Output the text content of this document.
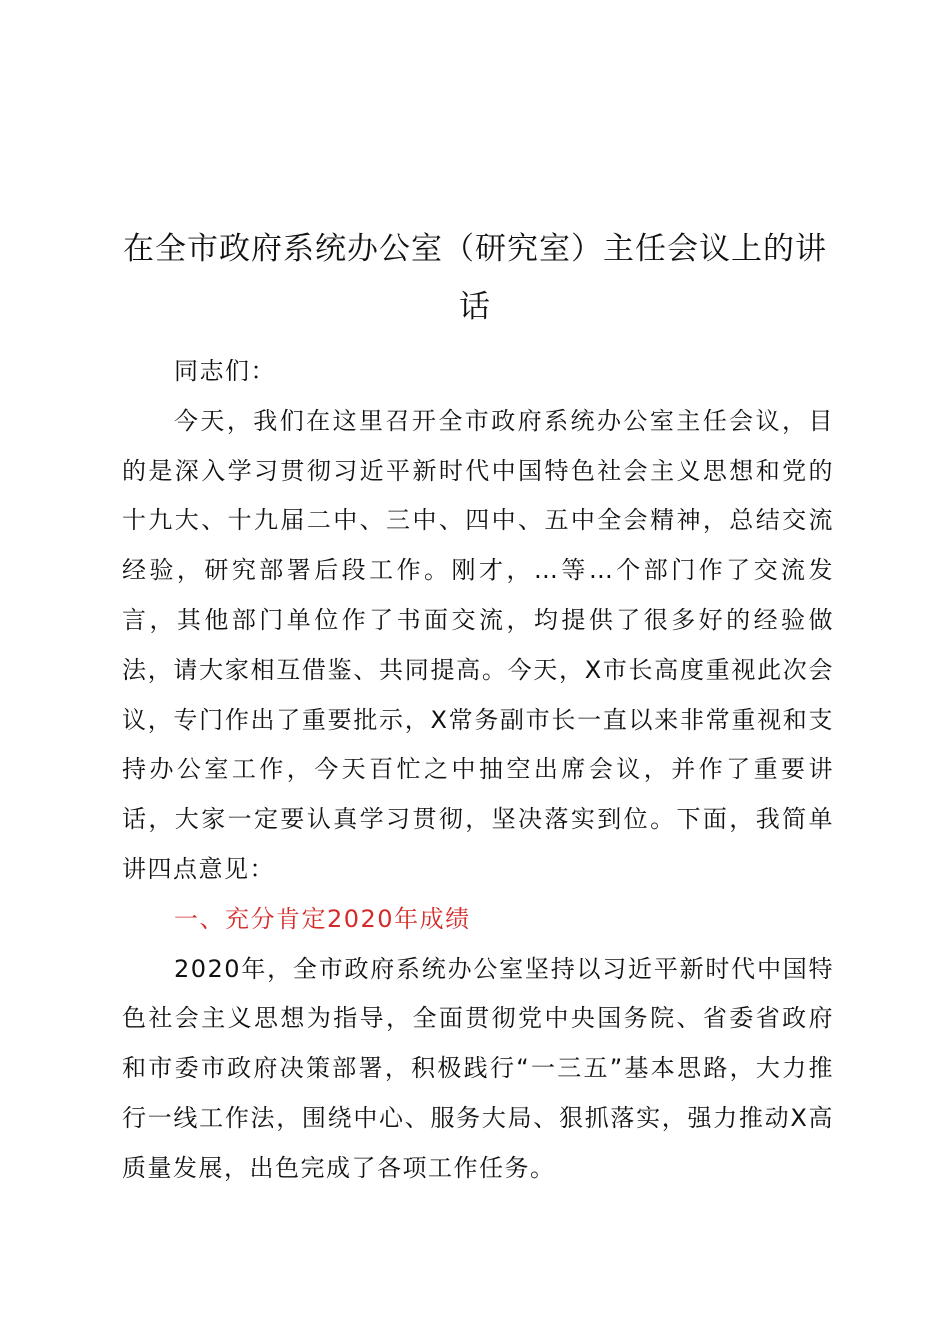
在全市政府系统办公室（研究室）主任会议上的讲话

同志们：

今天，我们在这里召开全市政府系统办公室主任会议，目的是深入学习贯彻习近平新时代中国特色社会主义思想和党的十九大、十九届二中、三中、四中、五中全会精神，总结交流经验，研究部署后段工作。刚才，…等…个部门作了交流发言，其他部门单位作了书面交流，均提供了很多好的经验做法，请大家相互借鉴、共同提高。今天，X市长高度重视此次会议，专门作出了重要批示，X常务副市长一直以来非常重视和支持办公室工作，今天百忙之中抽空出席会议，并作了重要讲话，大家一定要认真学习贯彻，坚决落实到位。下面，我简单讲四点意见：

一、充分肯定2020年成绩

2020年，全市政府系统办公室坚持以习近平新时代中国特色社会主义思想为指导，全面贯彻党中央国务院、省委省政府和市委市政府决策部署，积极践行“一三五”基本思路，大力推行一线工作法，围绕中心、服务大局、狠抓落实，强力推动X高质量发展，出色完成了各项工作任务。
